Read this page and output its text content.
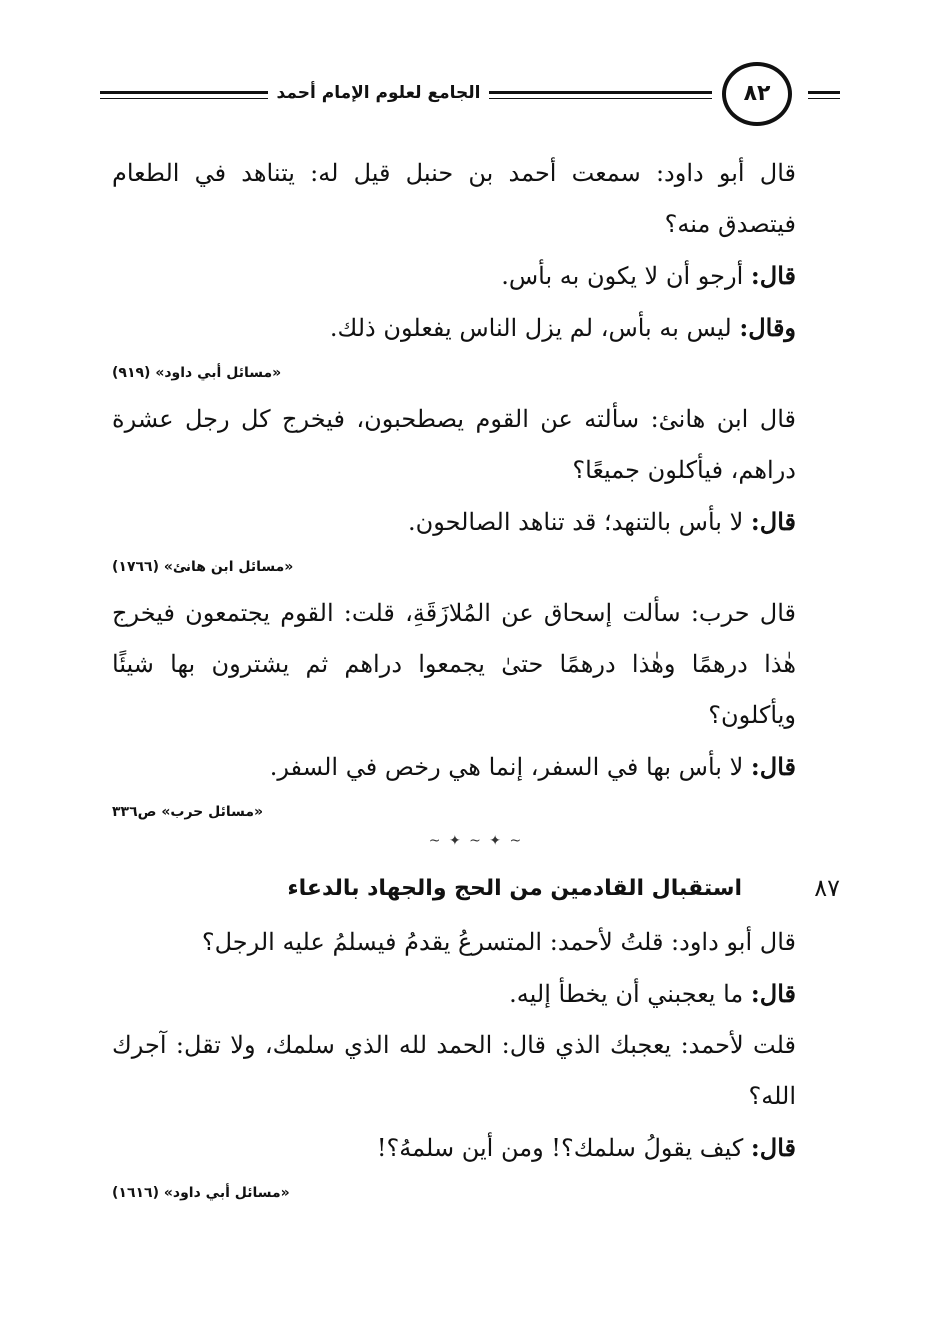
الجامع لعلوم الإمام أحمد	٨٢

قال أبو داود: سمعت أحمد بن حنبل قيل له: يتناهد في الطعام فيتصدق منه؟

قال: أرجو أن لا يكون به بأس.

وقال: ليس به بأس، لم يزل الناس يفعلون ذلك.

«مسائل أبي داود» (٩١٩)

قال ابن هانئ: سألته عن القوم يصطحبون، فيخرج كل رجل عشرة دراهم، فيأكلون جميعًا؟

قال: لا بأس بالتنهد؛ قد تناهد الصالحون.

«مسائل ابن هانئ» (١٧٦٦)

قال حرب: سألت إسحاق عن المُلازَقَةِ، قلت: القوم يجتمعون فيخرج هٰذا درهمًا وهٰذا درهمًا حتىٰ يجمعوا دراهم ثم يشترون بها شيئًا ويأكلون؟

قال: لا بأس بها في السفر، إنما هي رخص في السفر.

«مسائل حرب» ص٣٣٦
~ ✦ ~ ✦ ~
٨٧
استقبال القادمين من الحج والجهاد بالدعاء

قال أبو داود: قلتُ لأحمد: المتسرعُ يقدمُ فيسلمُ عليه الرجل؟

قال: ما يعجبني أن يخطأ إليه.

قلت لأحمد: يعجبك الذي قال: الحمد لله الذي سلمك، ولا تقل: آجرك الله؟

قال: كيف يقولُ سلمك؟! ومن أين سلمهُ؟!

«مسائل أبي داود» (١٦١٦)
